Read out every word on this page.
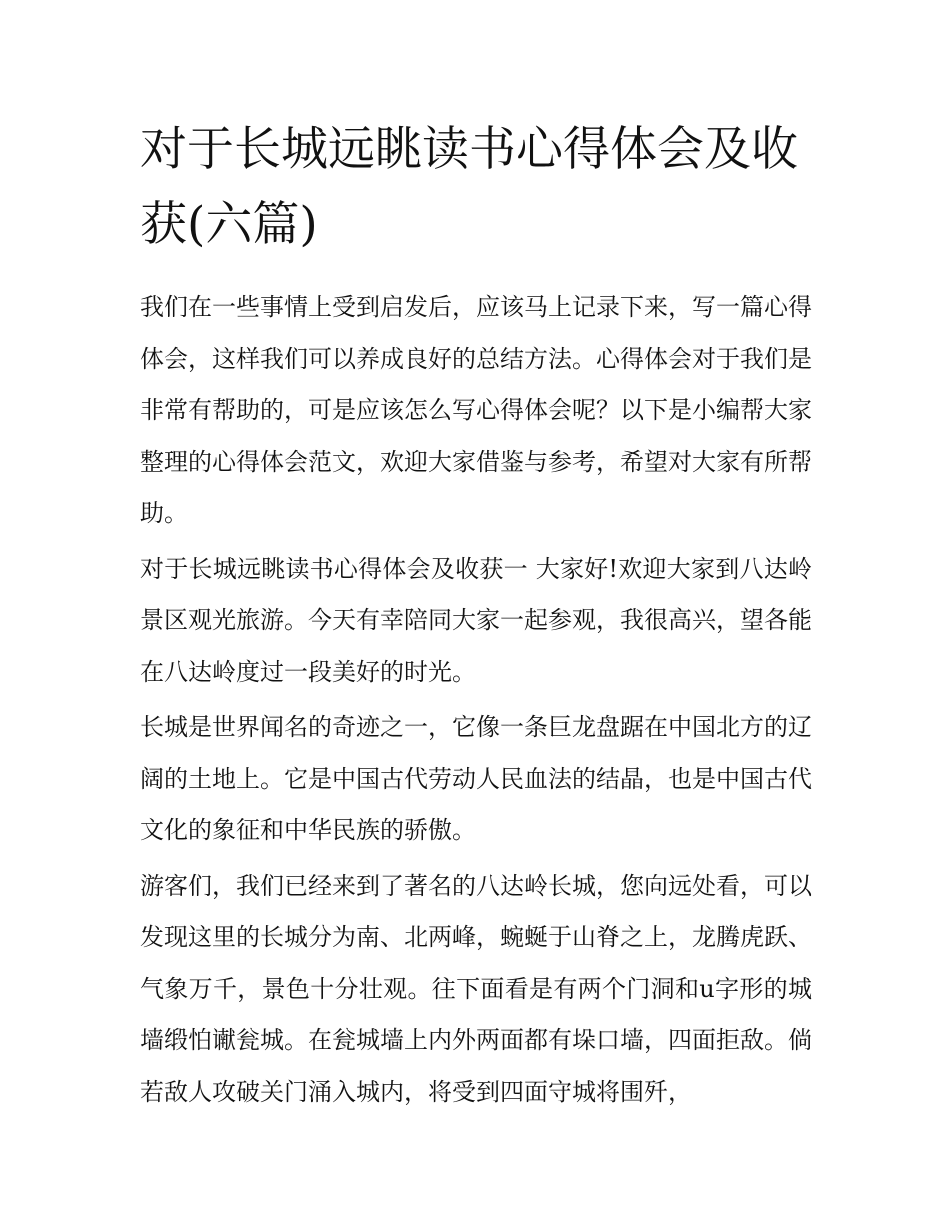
对于长城远眺读书心得体会及收获(六篇)

我们在一些事情上受到启发后，应该马上记录下来，写一篇心得体会，这样我们可以养成良好的总结方法。心得体会对于我们是非常有帮助的，可是应该怎么写心得体会呢？以下是小编帮大家整理的心得体会范文，欢迎大家借鉴与参考，希望对大家有所帮助。

对于长城远眺读书心得体会及收获一 大家好!欢迎大家到八达岭景区观光旅游。今天有幸陪同大家一起参观，我很高兴，望各能在八达岭度过一段美好的时光。

长城是世界闻名的奇迹之一，它像一条巨龙盘踞在中国北方的辽阔的土地上。它是中国古代劳动人民血法的结晶，也是中国古代文化的象征和中华民族的骄傲。

游客们，我们已经来到了著名的八达岭长城，您向远处看，可以发现这里的长城分为南、北两峰，蜿蜒于山脊之上，龙腾虎跃、气象万千，景色十分壮观。往下面看是有两个门洞和u字形的城墙缎怕谳瓮城。在瓮城墙上内外两面都有垛口墙，四面拒敌。倘若敌人攻破关门涌入城内，将受到四面守城将围歼，
